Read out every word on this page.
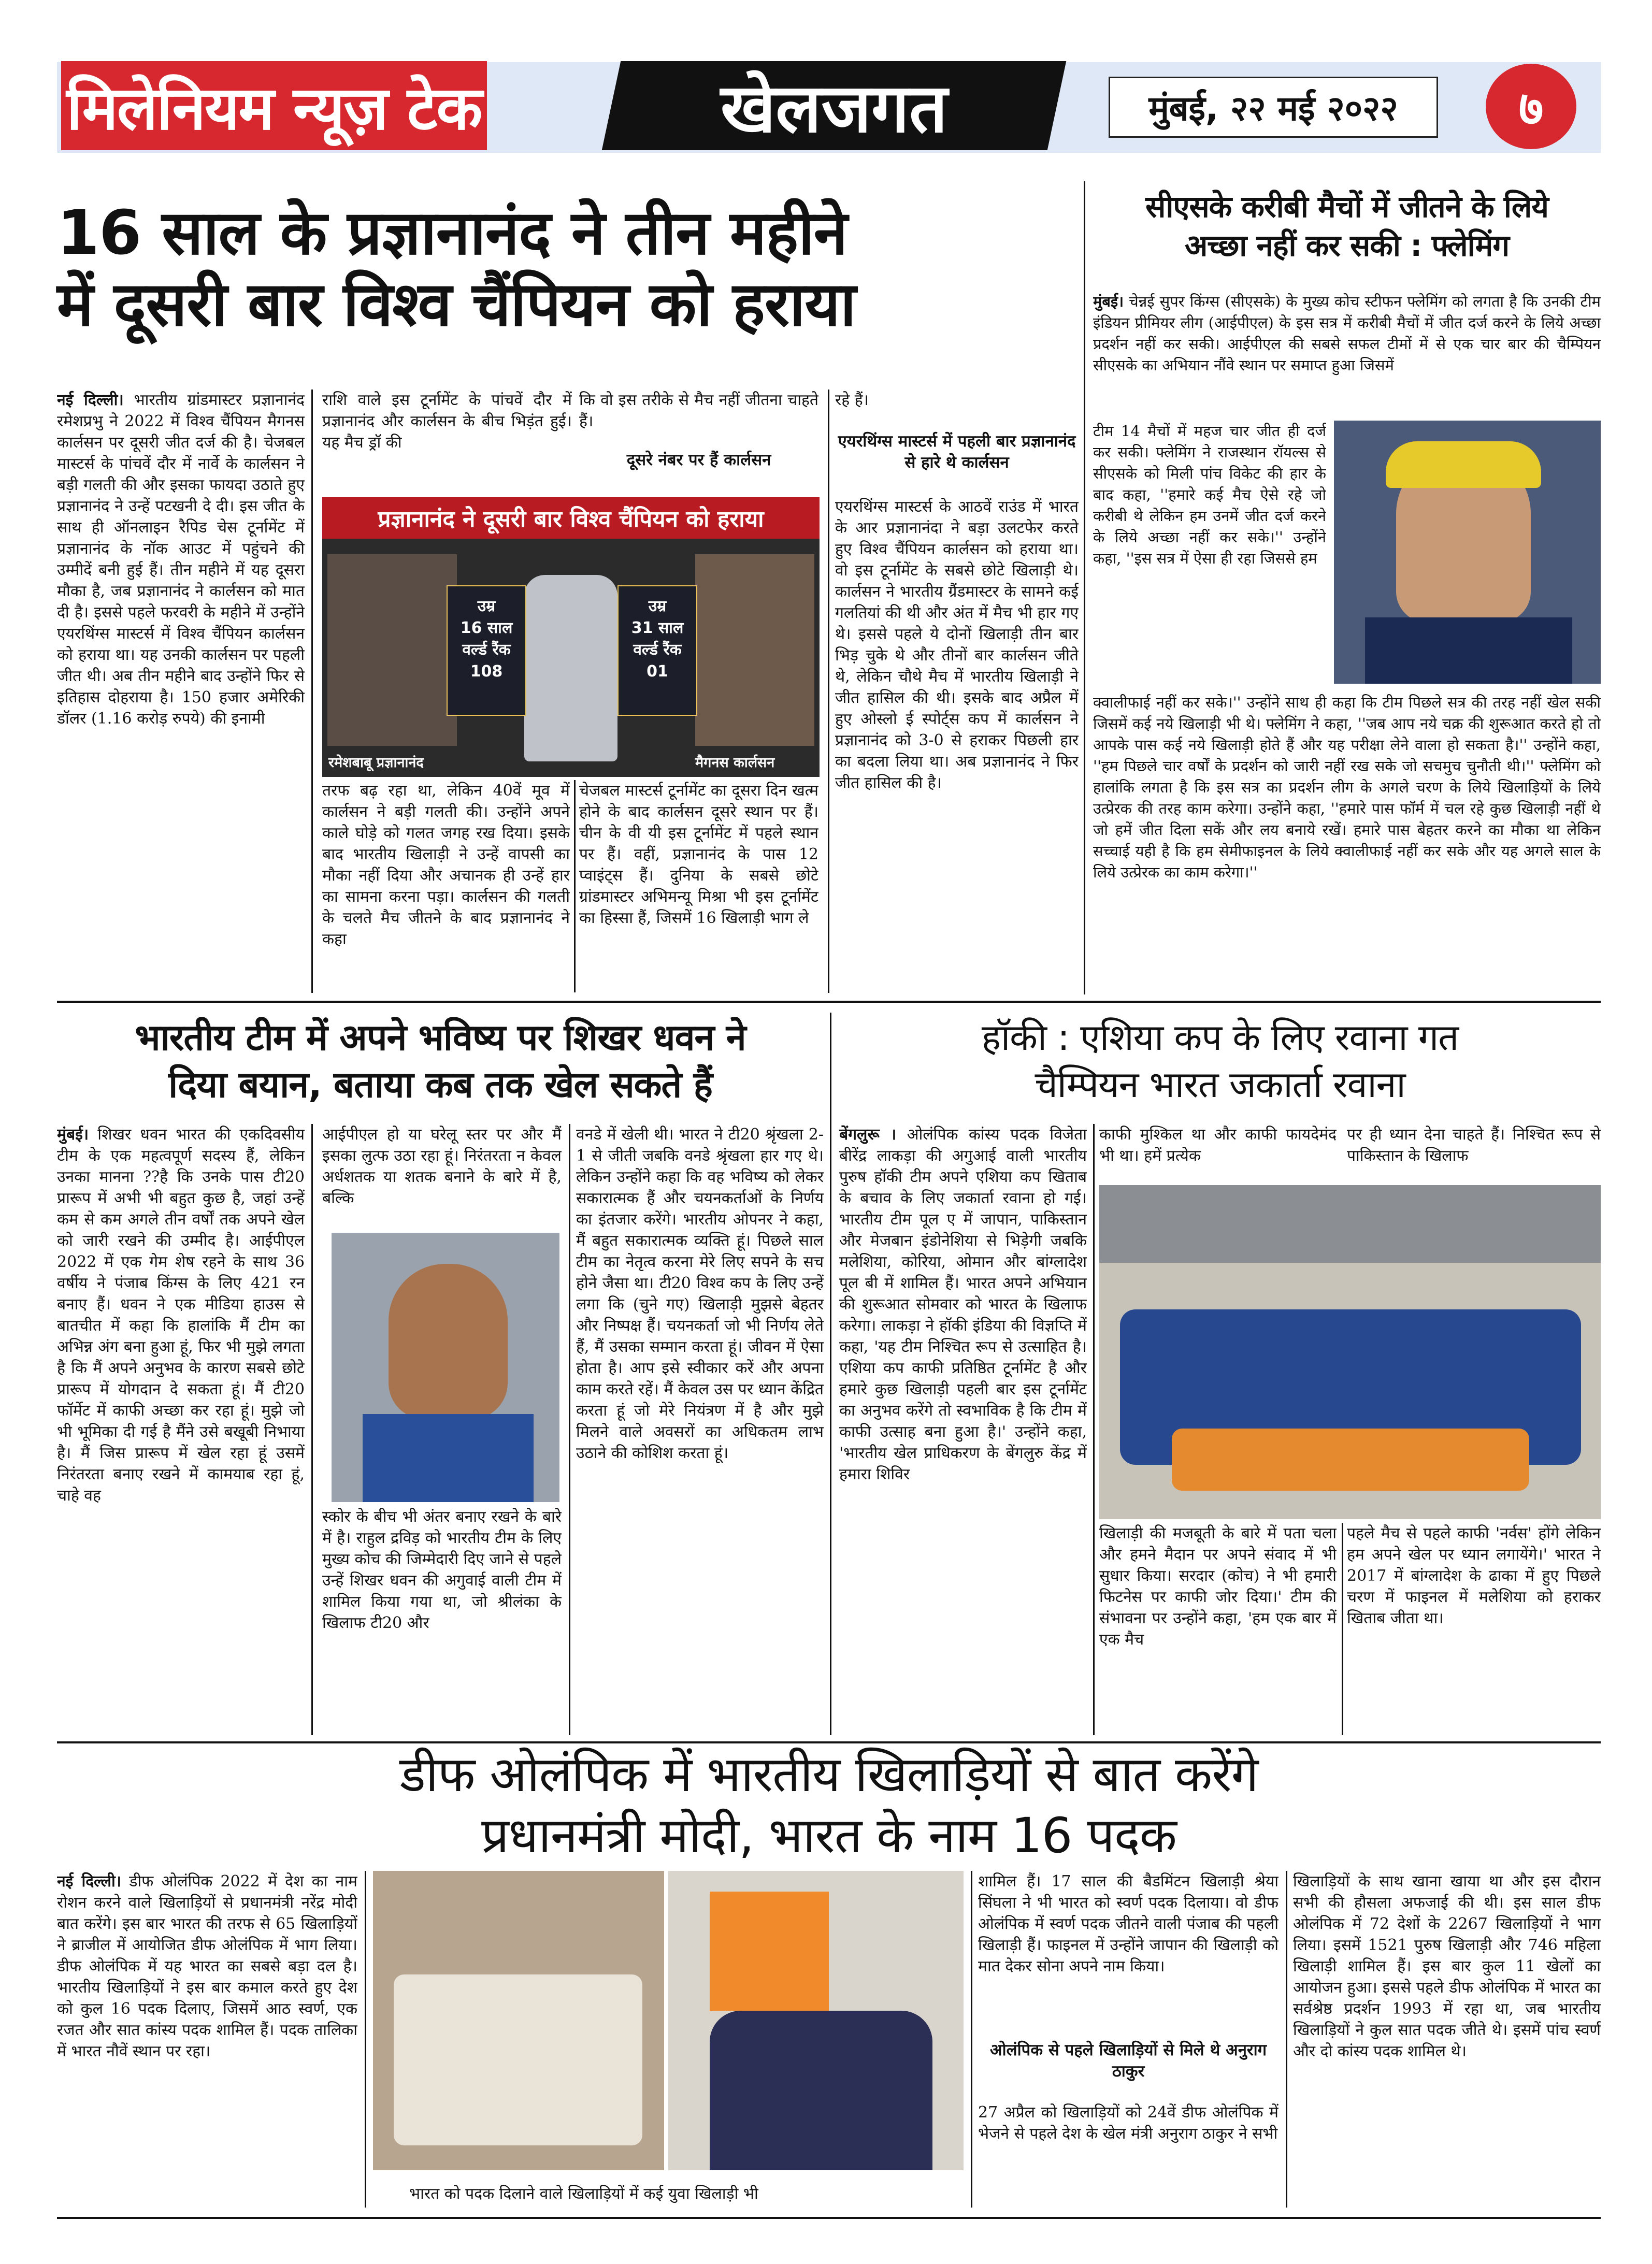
मिलेनियम न्यूज़ टेक	खेलजगत	मुंबई, २२ मई २०२२	७
16 साल के प्रज्ञानानंद ने तीन महीने
में दूसरी बार विश्व चैंपियन को हराया
नई दिल्ली। भारतीय ग्रांडमास्टर प्रज्ञानानंद रमेशप्रभु ने 2022 में विश्व चैंपियन मैगनस कार्लसन पर दूसरी जीत दर्ज की है। चेजबल मास्टर्स के पांचवें दौर में नार्वे के कार्लसन ने बड़ी गलती की और इसका फायदा उठाते हुए प्रज्ञानानंद ने उन्हें पटखनी दे दी। इस जीत के साथ ही ऑनलाइन रैपिड चेस टूर्नामेंट में प्रज्ञानानंद के नॉक आउट में पहुंचने की उम्मीदें बनी हुई हैं। तीन महीने में यह दूसरा मौका है, जब प्रज्ञानानंद ने कार्लसन को मात दी है। इससे पहले फरवरी के महीने में उन्होंने एयरथिंग्स मास्टर्स में विश्व चैंपियन कार्लसन को हराया था। यह उनकी कार्लसन पर पहली जीत थी। अब तीन महीने बाद उन्होंने फिर से इतिहास दोहराया है। 150 हजार अमेरिकी डॉलर (1.16 करोड़ रुपये) की इनामी
राशि वाले इस टूर्नामेंट के पांचवें दौर में प्रज्ञानानंद और कार्लसन के बीच भिड़ंत हुई। यह मैच ड्रॉ की
कि वो इस तरीके से मैच नहीं जीतना चाहते हैं।
दूसरे नंबर पर हैं कार्लसन
प्रज्ञानानंद ने दूसरी बार विश्व चैंपियन को हराया
उम्र
16 साल
वर्ल्ड रैंक
108
उम्र
31 साल
वर्ल्ड रैंक
01
रमेशबाबू प्रज्ञानानंद	मैगनस कार्लसन
तरफ बढ़ रहा था, लेकिन 40वें मूव में कार्लसन ने बड़ी गलती की। उन्होंने अपने काले घोड़े को गलत जगह रख दिया। इसके बाद भारतीय खिलाड़ी ने उन्हें वापसी का मौका नहीं दिया और अचानक ही उन्हें हार का सामना करना पड़ा। कार्लसन की गलती के चलते मैच जीतने के बाद प्रज्ञानानंद ने कहा
चेजबल मास्टर्स टूर्नामेंट का दूसरा दिन खत्म होने के बाद कार्लसन दूसरे स्थान पर हैं। चीन के वी यी इस टूर्नामेंट में पहले स्थान पर हैं। वहीं, प्रज्ञानानंद के पास 12 प्वाइंट्स हैं। दुनिया के सबसे छोटे ग्रांडमास्टर अभिमन्यू मिश्रा भी इस टूर्नामेंट का हिस्सा हैं, जिसमें 16 खिलाड़ी भाग ले
रहे हैं।
एयरथिंग्स मास्टर्स में पहली बार प्रज्ञानानंद से हारे थे कार्लसन
एयरथिंग्स मास्टर्स के आठवें राउंड में भारत के आर प्रज्ञानानंदा ने बड़ा उलटफेर करते हुए विश्व चैंपियन कार्लसन को हराया था। वो इस टूर्नामेंट के सबसे छोटे खिलाड़ी थे। कार्लसन ने भारतीय ग्रैंडमास्टर के सामने कई गलतियां की थी और अंत में मैच भी हार गए थे। इससे पहले ये दोनों खिलाड़ी तीन बार भिड़ चुके थे और तीनों बार कार्लसन जीते थे, लेकिन चौथे मैच में भारतीय खिलाड़ी ने जीत हासिल की थी। इसके बाद अप्रैल में हुए ओस्लो ई स्पोर्ट्स कप में कार्लसन ने प्रज्ञानानंद को 3-0 से हराकर पिछली हार का बदला लिया था। अब प्रज्ञानानंद ने फिर जीत हासिल की है।
सीएसके करीबी मैचों में जीतने के लिये
अच्छा नहीं कर सकी : फ्लेमिंग
मुंबई। चेन्नई सुपर किंग्स (सीएसके) के मुख्य कोच स्टीफन फ्लेमिंग को लगता है कि उनकी टीम इंडियन प्रीमियर लीग (आईपीएल) के इस सत्र में करीबी मैचों में जीत दर्ज करने के लिये अच्छा प्रदर्शन नहीं कर सकी। आईपीएल की सबसे सफल टीमों में से एक चार बार की चैम्पियन सीएसके का अभियान नौंवे स्थान पर समाप्त हुआ जिसमें
टीम 14 मैचों में महज चार जीत ही दर्ज कर सकी। फ्लेमिंग ने राजस्थान रॉयल्स से सीएसके को मिली पांच विकेट की हार के बाद कहा, ''हमारे कई मैच ऐसे रहे जो करीबी थे लेकिन हम उनमें जीत दर्ज करने के लिये अच्छा नहीं कर सके।'' उन्होंने कहा, ''इस सत्र में ऐसा ही रहा जिससे हम
क्वालीफाई नहीं कर सके।'' उन्होंने साथ ही कहा कि टीम पिछले सत्र की तरह नहीं खेल सकी जिसमें कई नये खिलाड़ी भी थे। फ्लेमिंग ने कहा, ''जब आप नये चक्र की शुरूआत करते हो तो आपके पास कई नये खिलाड़ी होते हैं और यह परीक्षा लेने वाला हो सकता है।'' उन्होंने कहा, ''हम पिछले चार वर्षों के प्रदर्शन को जारी नहीं रख सके जो सचमुच चुनौती थी।'' फ्लेमिंग को हालांकि लगता है कि इस सत्र का प्रदर्शन लीग के अगले चरण के लिये खिलाड़ियों के लिये उत्प्रेरक की तरह काम करेगा। उन्होंने कहा, ''हमारे पास फॉर्म में चल रहे कुछ खिलाड़ी नहीं थे जो हमें जीत दिला सकें और लय बनाये रखें। हमारे पास बेहतर करने का मौका था लेकिन सच्चाई यही है कि हम सेमीफाइनल के लिये क्वालीफाई नहीं कर सके और यह अगले साल के लिये उत्प्रेरक का काम करेगा।''
भारतीय टीम में अपने भविष्य पर शिखर धवन ने
दिया बयान, बताया कब तक खेल सकते हैं
मुंबई। शिखर धवन भारत की एकदिवसीय टीम के एक महत्वपूर्ण सदस्य हैं, लेकिन उनका मानना ??है कि उनके पास टी20 प्रारूप में अभी भी बहुत कुछ है, जहां उन्हें कम से कम अगले तीन वर्षों तक अपने खेल को जारी रखने की उम्मीद है। आईपीएल 2022 में एक गेम शेष रहने के साथ 36 वर्षीय ने पंजाब किंग्स के लिए 421 रन बनाए हैं। धवन ने एक मीडिया हाउस से बातचीत में कहा कि हालांकि मैं टीम का अभिन्न अंग बना हुआ हूं, फिर भी मुझे लगता है कि मैं अपने अनुभव के कारण सबसे छोटे प्रारूप में योगदान दे सकता हूं। मैं टी20 फॉर्मेट में काफी अच्छा कर रहा हूं। मुझे जो भी भूमिका दी गई है मैंने उसे बखूबी निभाया है। मैं जिस प्रारूप में खेल रहा हूं उसमें निरंतरता बनाए रखने में कामयाब रहा हूं, चाहे वह
आईपीएल हो या घरेलू स्तर पर और मैं इसका लुत्फ उठा रहा हूं। निरंतरता न केवल अर्धशतक या शतक बनाने के बारे में है, बल्कि
स्कोर के बीच भी अंतर बनाए रखने के बारे में है। राहुल द्रविड़ को भारतीय टीम के लिए मुख्य कोच की जिम्मेदारी दिए जाने से पहले उन्हें शिखर धवन की अगुवाई वाली टीम में शामिल किया गया था, जो श्रीलंका के खिलाफ टी20 और
वनडे में खेली थी। भारत ने टी20 श्रृंखला 2-1 से जीती जबकि वनडे श्रृंखला हार गए थे। लेकिन उन्होंने कहा कि वह भविष्य को लेकर सकारात्मक हैं और चयनकर्ताओं के निर्णय का इंतजार करेंगे। भारतीय ओपनर ने कहा, मैं बहुत सकारात्मक व्यक्ति हूं। पिछले साल टीम का नेतृत्व करना मेरे लिए सपने के सच होने जैसा था। टी20 विश्व कप के लिए उन्हें लगा कि (चुने गए) खिलाड़ी मुझसे बेहतर और निष्पक्ष हैं। चयनकर्ता जो भी निर्णय लेते हैं, मैं उसका सम्मान करता हूं। जीवन में ऐसा होता है। आप इसे स्वीकार करें और अपना काम करते रहें। मैं केवल उस पर ध्यान केंद्रित करता हूं जो मेरे नियंत्रण में है और मुझे मिलने वाले अवसरों का अधिकतम लाभ उठाने की कोशिश करता हूं।
हॉकी : एशिया कप के लिए रवाना गत
चैम्पियन भारत जकार्ता रवाना
बेंगलुरू । ओलंपिक कांस्य पदक विजेता बीरेंद्र लाकड़ा की अगुआई वाली भारतीय पुरुष हॉकी टीम अपने एशिया कप खिताब के बचाव के लिए जकार्ता रवाना हो गई। भारतीय टीम पूल ए में जापान, पाकिस्तान और मेजबान इंडोनेशिया से भिड़ेगी जबकि मलेशिया, कोरिया, ओमान और बांग्लादेश पूल बी में शामिल हैं। भारत अपने अभियान की शुरूआत सोमवार को भारत के खिलाफ करेगा। लाकड़ा ने हॉकी इंडिया की विज्ञप्ति में कहा, 'यह टीम निश्चित रूप से उत्साहित है। एशिया कप काफी प्रतिष्ठित टूर्नामेंट है और हमारे कुछ खिलाड़ी पहली बार इस टूर्नामेंट का अनुभव करेंगे तो स्वभाविक है कि टीम में काफी उत्साह बना हुआ है।' उन्होंने कहा, 'भारतीय खेल प्राधिकरण के बेंगलुरु केंद्र में हमारा शिविर
काफी मुश्किल था और काफी फायदेमंद भी था। हमें प्रत्येक
पर ही ध्यान देना चाहते हैं। निश्चित रूप से पाकिस्तान के खिलाफ
खिलाड़ी की मजबूती के बारे में पता चला और हमने मैदान पर अपने संवाद में भी सुधार किया। सरदार (कोच) ने भी हमारी फिटनेस पर काफी जोर दिया।' टीम की संभावना पर उन्होंने कहा, 'हम एक बार में एक मैच
पहले मैच से पहले काफी 'नर्वस' होंगे लेकिन हम अपने खेल पर ध्यान लगायेंगे।' भारत ने 2017 में बांग्लादेश के ढाका में हुए पिछले चरण में फाइनल में मलेशिया को हराकर खिताब जीता था।
डीफ ओलंपिक में भारतीय खिलाड़ियों से बात करेंगे
प्रधानमंत्री मोदी, भारत के नाम 16 पदक
नई दिल्ली। डीफ ओलंपिक 2022 में देश का नाम रोशन करने वाले खिलाड़ियों से प्रधानमंत्री नरेंद्र मोदी बात करेंगे। इस बार भारत की तरफ से 65 खिलाड़ियों ने ब्राजील में आयोजित डीफ ओलंपिक में भाग लिया। डीफ ओलंपिक में यह भारत का सबसे बड़ा दल है। भारतीय खिलाड़ियों ने इस बार कमाल करते हुए देश को कुल 16 पदक दिलाए, जिसमें आठ स्वर्ण, एक रजत और सात कांस्य पदक शामिल हैं। पदक तालिका में भारत नौवें स्थान पर रहा।
भारत को पदक दिलाने वाले खिलाड़ियों में कई युवा खिलाड़ी भी
शामिल हैं। 17 साल की बैडमिंटन खिलाड़ी श्रेया सिंघला ने भी भारत को स्वर्ण पदक दिलाया। वो डीफ ओलंपिक में स्वर्ण पदक जीतने वाली पंजाब की पहली खिलाड़ी हैं। फाइनल में उन्होंने जापान की खिलाड़ी को मात देकर सोना अपने नाम किया।
ओलंपिक से पहले खिलाड़ियों से मिले थे अनुराग ठाकुर
27 अप्रैल को खिलाड़ियों को 24वें डीफ ओलंपिक में भेजने से पहले देश के खेल मंत्री अनुराग ठाकुर ने सभी
खिलाड़ियों के साथ खाना खाया था और इस दौरान सभी की हौसला अफजाई की थी। इस साल डीफ ओलंपिक में 72 देशों के 2267 खिलाड़ियों ने भाग लिया। इसमें 1521 पुरुष खिलाड़ी और 746 महिला खिलाड़ी शामिल हैं। इस बार कुल 11 खेलों का आयोजन हुआ। इससे पहले डीफ ओलंपिक में भारत का सर्वश्रेष्ठ प्रदर्शन 1993 में रहा था, जब भारतीय खिलाड़ियों ने कुल सात पदक जीते थे। इसमें पांच स्वर्ण और दो कांस्य पदक शामिल थे।
